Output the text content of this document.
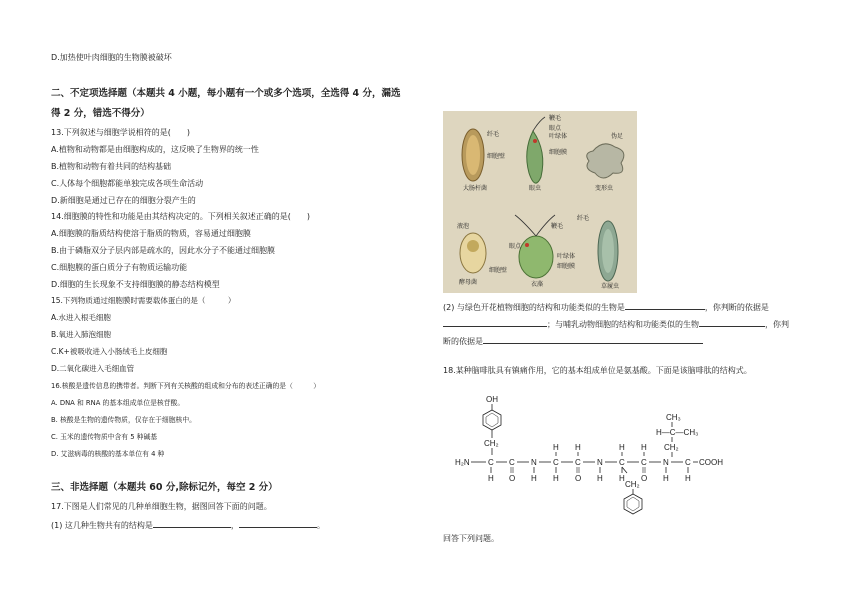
D.加热使叶肉细胞的生物膜被破坏
二、不定项选择题（本题共 4 小题，每小题有一个或多个选项，全选得 4 分，漏选
得 2 分，错选不得分）
13.下列叙述与细胞学说相符的是(　　)
A.植物和动物都是由细胞构成的，这反映了生物界的统一性
B.植物和动物有着共同的结构基础
C.人体每个细胞都能单独完成各项生命活动
D.新细胞是通过已存在的细胞分裂产生的
14.细胞膜的特性和功能是由其结构决定的。下列相关叙述正确的是(　　)
A.细胞膜的脂质结构使溶于脂质的物质，容易通过细胞膜
B.由于磷脂双分子层内部是疏水的，因此水分子不能通过细胞膜
C.细胞膜的蛋白质分子有物质运输功能
D.细胞的生长现象不支持细胞膜的静态结构模型
15.下列物质通过细胞膜时需要载体蛋白的是（　　　）
A.水进入根毛细胞
B.氧进入肺泡细胞
C.K+被吸收进入小肠绒毛上皮细胞
D.二氧化碳进入毛细血管
16.核酸是遗传信息的携带者。判断下列有关核酸的组成和分布的表述正确的是（　　　）
A. DNA 和 RNA 的基本组成单位是核苷酸。
B. 核酸是生物的遗传物质，仅存在于细胞核中。
C. 玉米的遗传物质中含有 5 种碱基
D. 艾滋病毒的核酸的基本单位有 4 种
三、非选择题（本题共 60 分,除标记外，每空 2 分）
17.下图是人们常见的几种单细胞生物，据图回答下面的问题。
(1) 这几种生物共有的结构是	，	。
纤毛
细胞壁
大肠杆菌
鞭毛
眼点
叶绿体
细胞膜
眼虫
伪足
变形虫
液泡
细胞壁
酵母菌
眼点
鞭毛
叶绿体
细胞膜
衣藻
纤毛
草履虫
(2) 与绿色开花植物细胞的结构和功能类似的生物是	，你判断的依据是
；与哺乳动物细胞的结构和功能类似的生物	，你判
断的依据是
18.某种脑啡肽具有镇痛作用，它的基本组成单位是氨基酸。下面是该脑啡肽的结构式。
OH
CH₂
CH₃
H—C—CH₃
CH₂
H₂N C C N C C N C C N C COOH
H H	H H
H O H H O H H O H H
CH₂
回答下列问题。
